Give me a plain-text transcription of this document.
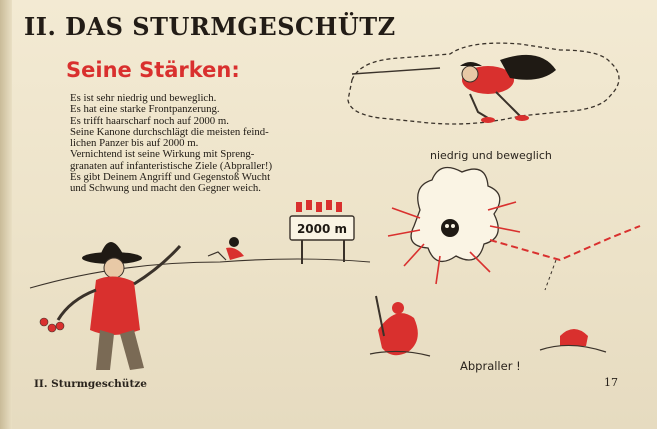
II. DAS STURMGESCHÜTZ
Seine Stärken:
Es ist sehr niedrig und beweglich.
Es hat eine starke Frontpanzerung.
Es trifft haarscharf noch auf 2000 m.
Seine Kanone durchschlägt die meisten feind-
lichen Panzer bis auf 2000 m.
Vernichtend ist seine Wirkung mit Spreng-
granaten auf infanteristische Ziele (Abpraller!)
Es gibt Deinem Angriff und Gegenstoß Wucht
und Schwung und macht den Gegner weich.
2000 m
niedrig und beweglich
Abpraller !
II. Sturmgeschütze	17
